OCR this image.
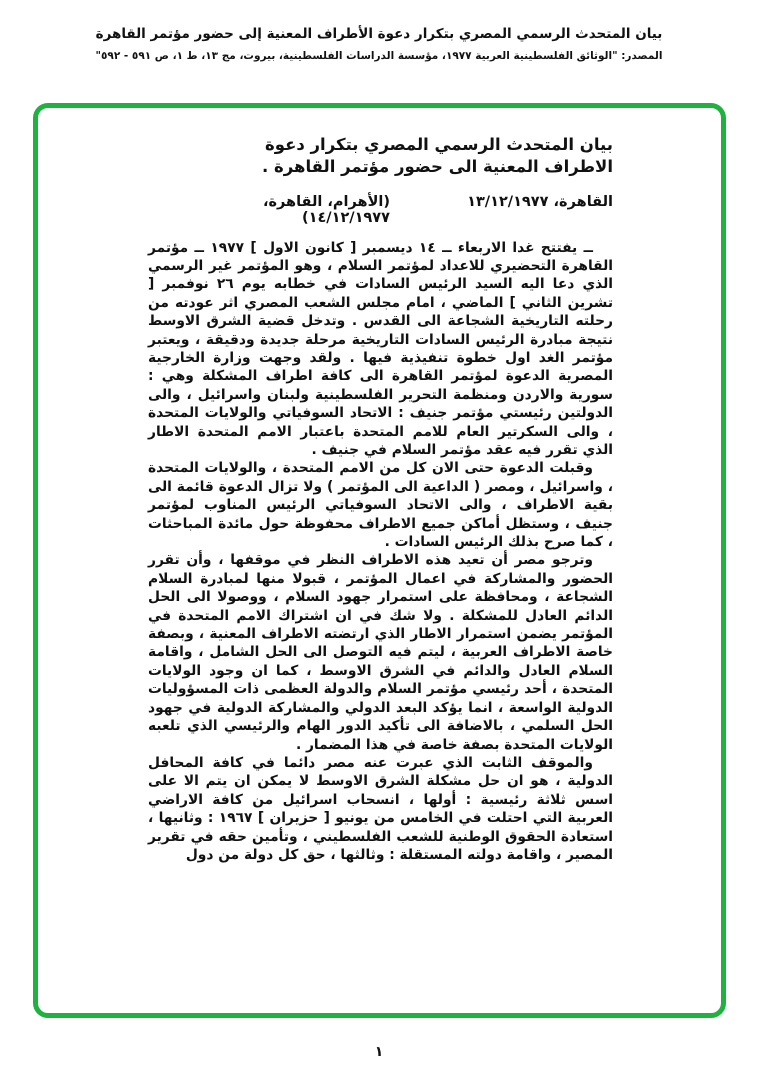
بيان المتحدث الرسمي المصري بتكرار دعوة الأطراف المعنية إلى حضور مؤتمر القاهرة
المصدر: "الوثائق الفلسطينية العربية ١٩٧٧، مؤسسة الدراسات الفلسطينية، بيروت، مج ١٣، ط ١، ص ٥٩١ - ٥٩٢"
بيان المتحدث الرسمي المصري بتكرار دعوة الاطراف المعنية الى حضور مؤتمر القاهرة .
القاهرة، ١٣/١٢/١٩٧٧
(الأهرام، القاهرة، ١٤/١٢/١٩٧٧)

ــ يفتتح غدا الاربعاء ــ ١٤ ديسمبر [ كانون الاول ] ١٩٧٧ ــ مؤتمر القاهرة التحضيري للاعداد لمؤتمر السلام ، وهو المؤتمر غير الرسمي الذي دعا اليه السيد الرئيس السادات في خطابه يوم ٢٦ نوفمبر [ تشرين الثاني ] الماضي ، امام مجلس الشعب المصري اثر عودته من رحلته التاريخية الشجاعة الى القدس . وتدخل قضية الشرق الاوسط نتيجة مبادرة الرئيس السادات التاريخية مرحلة جديدة ودقيقة ، ويعتبر مؤتمر الغد اول خطوة تنفيذية فيها . ولقد وجهت وزارة الخارجية المصرية الدعوة لمؤتمر القاهرة الى كافة اطراف المشكلة وهي : سورية والاردن ومنظمة التحرير الفلسطينية ولبنان واسرائيل ، والى الدولتين رئيستي مؤتمر جنيف : الاتحاد السوفياتي والولايات المتحدة ، والى السكرتير العام للامم المتحدة باعتبار الامم المتحدة الاطار الذي تقرر فيه عقد مؤتمر السلام في جنيف .

وقبلت الدعوة حتى الان كل من الامم المتحدة ، والولايات المتحدة ، واسرائيل ، ومصر ( الداعية الى المؤتمر ) ولا تزال الدعوة قائمة الى بقية الاطراف ، والى الاتحاد السوفياتي الرئيس المناوب لمؤتمر جنيف ، وستظل أماكن جميع الاطراف محفوظة حول مائدة المباحثات ، كما صرح بذلك الرئيس السادات .

وترجو مصر أن تعيد هذه الاطراف النظر في موقفها ، وأن تقرر الحضور والمشاركة في اعمال المؤتمر ، قبولا منها لمبادرة السلام الشجاعة ، ومحافظة على استمرار جهود السلام ، ووصولا الى الحل الدائم العادل للمشكلة . ولا شك في ان اشتراك الامم المتحدة في المؤتمر يضمن استمرار الاطار الذي ارتضته الاطراف المعنية ، وبصفة خاصة الاطراف العربية ، ليتم فيه التوصل الى الحل الشامل ، واقامة السلام العادل والدائم في الشرق الاوسط ، كما ان وجود الولايات المتحدة ، أحد رئيسي مؤتمر السلام والدولة العظمى ذات المسؤوليات الدولية الواسعة ، انما يؤكد البعد الدولي والمشاركة الدولية في جهود الحل السلمي ، بالاضافة الى تأكيد الدور الهام والرئيسي الذي تلعبه الولايات المتحدة بصفة خاصة في هذا المضمار .

والموقف الثابت الذي عبرت عنه مصر دائما في كافة المحافل الدولية ، هو ان حل مشكلة الشرق الاوسط لا يمكن ان يتم الا على اسس ثلاثة رئيسية : أولها ، انسحاب اسرائيل من كافة الاراضي العربية التي احتلت في الخامس من يونيو [ حزيران ] ١٩٦٧ : وثانيها ، استعادة الحقوق الوطنية للشعب الفلسطيني ، وتأمين حقه في تقرير المصير ، واقامة دولته المستقلة : وثالثها ، حق كل دولة من دول

١
